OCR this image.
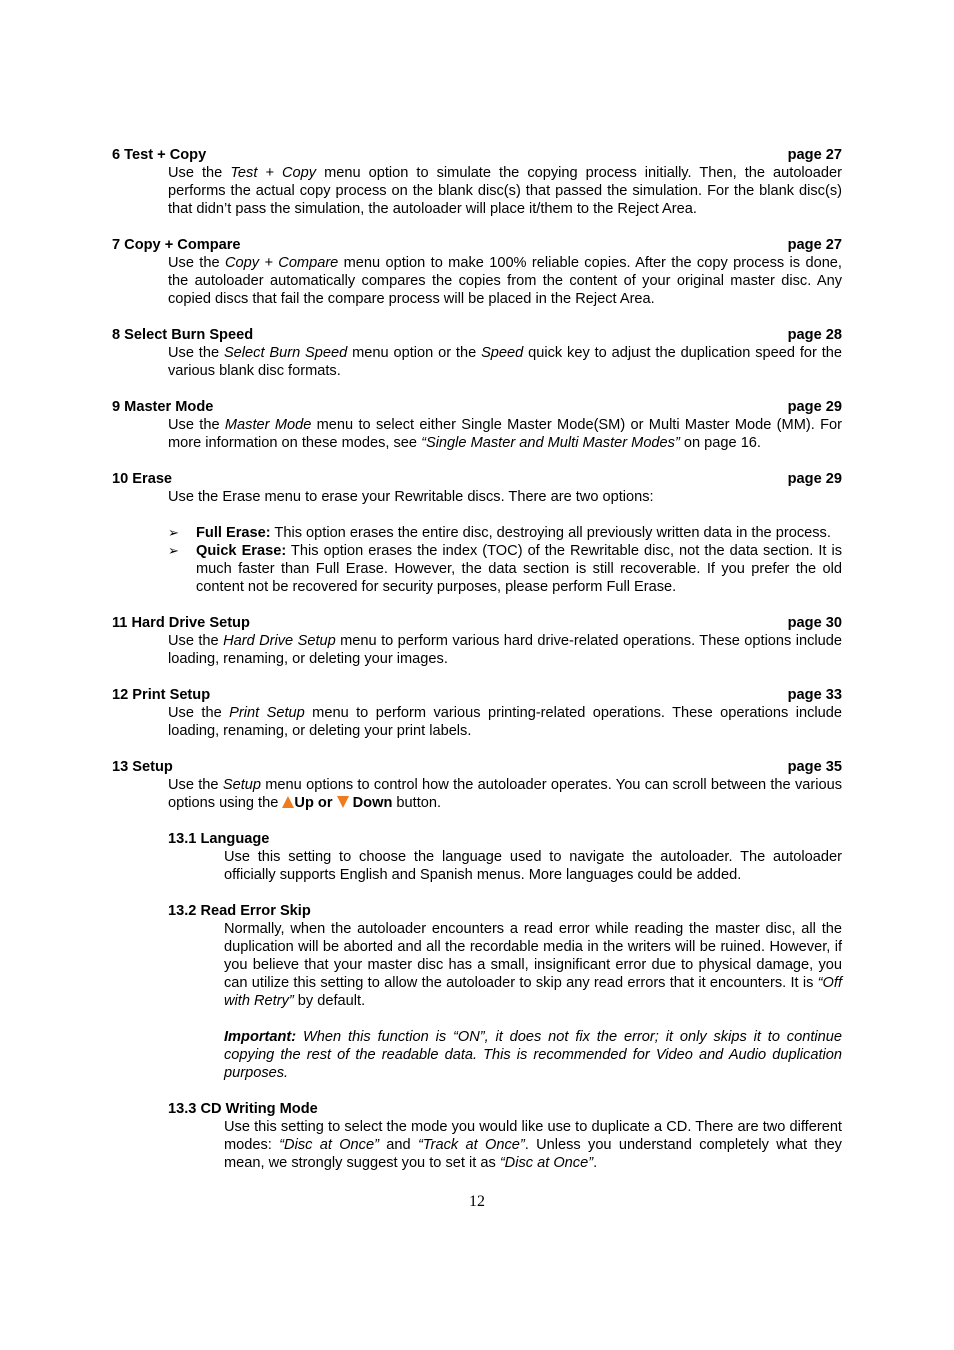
6 Test + Copy	page 27
Use the Test + Copy menu option to simulate the copying process initially. Then, the autoloader performs the actual copy process on the blank disc(s) that passed the simulation. For the blank disc(s) that didn’t pass the simulation, the autoloader will place it/them to the Reject Area.
7 Copy + Compare	page 27
Use the Copy + Compare menu option to make 100% reliable copies. After the copy process is done, the autoloader automatically compares the copies from the content of your original master disc. Any copied discs that fail the compare process will be placed in the Reject Area.
8 Select Burn Speed	page 28
Use the Select Burn Speed menu option or the Speed quick key to adjust the duplication speed for the various blank disc formats.
9 Master Mode	page 29
Use the Master Mode menu to select either Single Master Mode(SM) or Multi Master Mode (MM). For more information on these modes, see “Single Master and Multi Master Modes” on page 16.
10 Erase	page 29
Use the Erase menu to erase your Rewritable discs. There are two options:
➢ Full Erase: This option erases the entire disc, destroying all previously written data in the process.
➢ Quick Erase: This option erases the index (TOC) of the Rewritable disc, not the data section. It is much faster than Full Erase. However, the data section is still recoverable. If you prefer the old content not be recovered for security purposes, please perform Full Erase.
11 Hard Drive Setup	page 30
Use the Hard Drive Setup menu to perform various hard drive-related operations. These options include loading, renaming, or deleting your images.
12 Print Setup	page 33
Use the Print Setup menu to perform various printing-related operations. These operations include loading, renaming, or deleting your print labels.
13 Setup	page 35
Use the Setup menu options to control how the autoloader operates. You can scroll between the various options using the Up or  Down button.
13.1 Language
Use this setting to choose the language used to navigate the autoloader. The autoloader officially supports English and Spanish menus. More languages could be added.
13.2 Read Error Skip
Normally, when the autoloader encounters a read error while reading the master disc, all the duplication will be aborted and all the recordable media in the writers will be ruined. However, if you believe that your master disc has a small, insignificant error due to physical damage, you can utilize this setting to allow the autoloader to skip any read errors that it encounters. It is “Off with Retry” by default.
Important: When this function is “ON”, it does not fix the error; it only skips it to continue copying the rest of the readable data. This is recommended for Video and Audio duplication purposes.
13.3 CD Writing Mode
Use this setting to select the mode you would like use to duplicate a CD. There are two different modes: “Disc at Once” and “Track at Once”. Unless you understand completely what they mean, we strongly suggest you to set it as “Disc at Once”.
12
